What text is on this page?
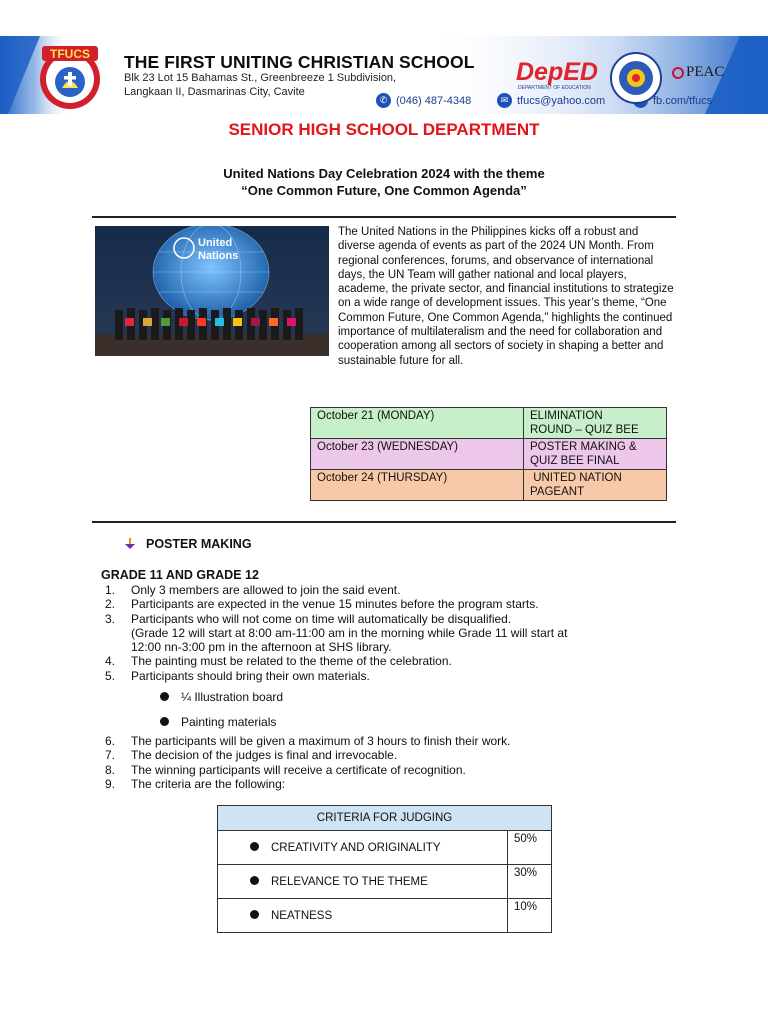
TFUCS THE FIRST UNITING CHRISTIAN SCHOOL
Blk 23 Lot 15 Bahamas St., Greenbreeze 1 Subdivision,
Langkaan II, Dasmarinas City, Cavite
✆ (046) 487-4348	✉ tfucs@yahoo.com	fb.com/tfucs
DepED
DEPARTMENT OF EDUCATION
PEAC
SENIOR HIGH SCHOOL DEPARTMENT
United Nations Day Celebration 2024 with the theme
“One Common Future, One Common Agenda”
United
Nations

The United Nations in the Philippines kicks off a robust and diverse agenda of events as part of the 2024 UN Month. From regional conferences, forums, and observance of international days, the UN Team will gather national and local players, academe, the private sector, and financial institutions to strategize on a wide range of development issues. This year’s theme, “One Common Future, One Common Agenda,” highlights the continued importance of multilateralism and the need for collaboration and cooperation among all sectors of society in shaping a better and sustainable future for all.

October 21 (MONDAY)	ELIMINATION
ROUND – QUIZ BEE

October 23 (WEDNESDAY)	POSTER MAKING &
QUIZ BEE FINAL

October 24 (THURSDAY)	UNITED NATION
PAGEANT
POSTER MAKING
GRADE 11 AND GRADE 12
1.	Only 3 members are allowed to join the said event.
2.	Participants are expected in the venue 15 minutes before the program starts.
3.	Participants who will not come on time will automatically be disqualified.
(Grade 12 will start at 8:00 am-11:00 am in the morning while Grade 11 will start at
12:00 nn-3:00 pm in the afternoon at SHS library.
4.	The painting must be related to the theme of the celebration.
5.	Participants should bring their own materials.
¼ Illustration board
Painting materials
6.	The participants will be given a maximum of 3 hours to finish their work.
7.	The decision of the judges is final and irrevocable.
8.	The winning participants will receive a certificate of recognition.
9.	The criteria are the following:
CRITERIA FOR JUDGING	
CREATIVITY AND ORIGINALITY	50%
RELEVANCE TO THE THEME	30%
NEATNESS	10%
